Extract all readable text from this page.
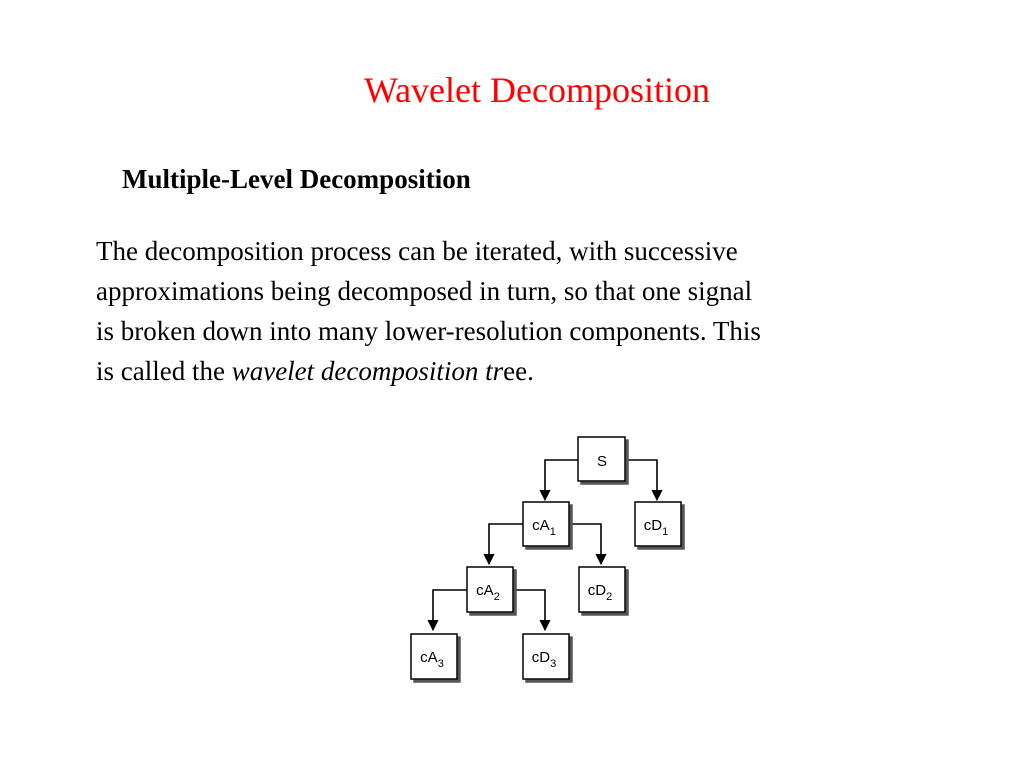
Wavelet Decomposition
Multiple-Level Decomposition
The decomposition process can be iterated, with successive
approximations being decomposed in turn, so that one signal
is broken down into many lower-resolution components. This
is called the wavelet decomposition tree.
S
$cA_1$	$cD_1$
$cA_2$	$cD_2$
$cA_3$	$cD_3$
